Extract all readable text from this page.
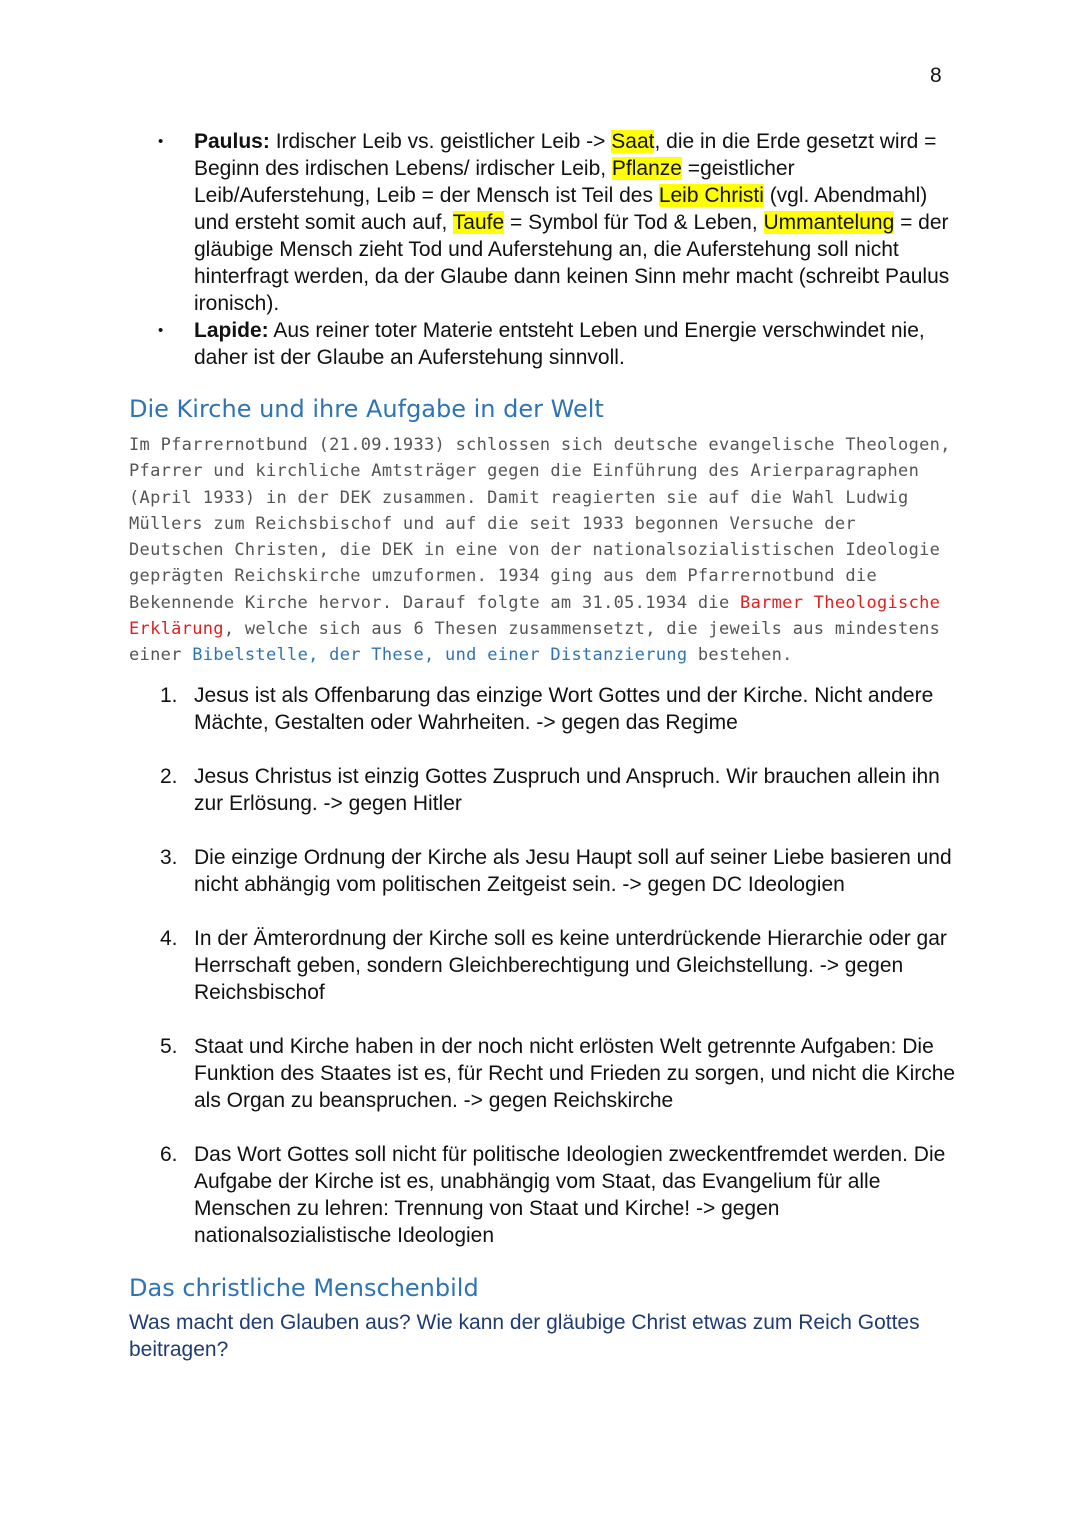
8
• Paulus: Irdischer Leib vs. geistlicher Leib -> Saat, die in die Erde gesetzt wird = Beginn des irdischen Lebens/ irdischer Leib, Pflanze =geistlicher Leib/Auferstehung, Leib = der Mensch ist Teil des Leib Christi (vgl. Abendmahl) und ersteht somit auch auf, Taufe = Symbol für Tod & Leben, Ummantelung = der gläubige Mensch zieht Tod und Auferstehung an, die Auferstehung soll nicht hinterfragt werden, da der Glaube dann keinen Sinn mehr macht (schreibt Paulus ironisch).
• Lapide: Aus reiner toter Materie entsteht Leben und Energie verschwindet nie, daher ist der Glaube an Auferstehung sinnvoll.
Die Kirche und ihre Aufgabe in der Welt

Im Pfarrernotbund (21.09.1933) schlossen sich deutsche evangelische Theologen, Pfarrer und kirchliche Amtsträger gegen die Einführung des Arierparagraphen (April 1933) in der DEK zusammen. Damit reagierten sie auf die Wahl Ludwig Müllers zum Reichsbischof und auf die seit 1933 begonnen Versuche der Deutschen Christen, die DEK in eine von der nationalsozialistischen Ideologie geprägten Reichskirche umzuformen. 1934 ging aus dem Pfarrernotbund die Bekennende Kirche hervor. Darauf folgte am 31.05.1934 die Barmer Theologische Erklärung, welche sich aus 6 Thesen zusammensetzt, die jeweils aus mindestens einer Bibelstelle, der These, und einer Distanzierung bestehen.

1. Jesus ist als Offenbarung das einzige Wort Gottes und der Kirche. Nicht andere Mächte, Gestalten oder Wahrheiten. -> gegen das Regime
2. Jesus Christus ist einzig Gottes Zuspruch und Anspruch. Wir brauchen allein ihn zur Erlösung. -> gegen Hitler
3. Die einzige Ordnung der Kirche als Jesu Haupt soll auf seiner Liebe basieren und nicht abhängig vom politischen Zeitgeist sein. -> gegen DC Ideologien
4. In der Ämterordnung der Kirche soll es keine unterdrückende Hierarchie oder gar Herrschaft geben, sondern Gleichberechtigung und Gleichstellung. -> gegen Reichsbischof
5. Staat und Kirche haben in der noch nicht erlösten Welt getrennte Aufgaben: Die Funktion des Staates ist es, für Recht und Frieden zu sorgen, und nicht die Kirche als Organ zu beanspruchen. -> gegen Reichskirche
6. Das Wort Gottes soll nicht für politische Ideologien zweckentfremdet werden. Die Aufgabe der Kirche ist es, unabhängig vom Staat, das Evangelium für alle Menschen zu lehren: Trennung von Staat und Kirche! -> gegen nationalsozialistische Ideologien
Das christliche Menschenbild

Was macht den Glauben aus? Wie kann der gläubige Christ etwas zum Reich Gottes beitragen?
